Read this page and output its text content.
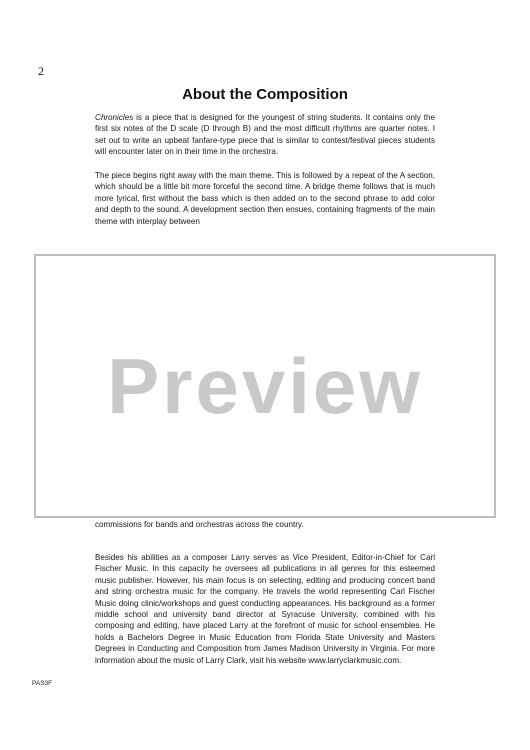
2
About the Composition

Chronicles is a piece that is designed for the youngest of string students. It contains only the first six notes of the D scale (D through B) and the most difficult rhythms are quarter notes. I set out to write an upbeat fanfare-type piece that is similar to contest/festival pieces students will encounter later on in their time in the orchestra.

The piece begins right away with the main theme. This is followed by a repeat of the A section, which should be a little bit more forceful the second time. A bridge theme follows that is much more lyrical, first without the bass which is then added on to the second phrase to add color and depth to the sound. A development section then ensues, containing fragments of the main theme with interplay between

Preview

commissions for bands and orchestras across the country.

Besides his abilities as a composer Larry serves as Vice President, Editor-in-Chief for Carl Fischer Music. In this capacity he oversees all publications in all genres for this esteemed music publisher. However, his main focus is on selecting, editing and producing concert band and string orchestra music for the company. He travels the world representing Carl Fischer Music doing clinic/workshops and guest conducting appearances. His background as a former middle school and university band director at Syracuse University, combined with his composing and editing, have placed Larry at the forefront of music for school ensembles. He holds a Bachelors Degree in Music Education from Florida State University and Masters Degrees in Conducting and Composition from James Madison University in Virginia. For more information about the music of Larry Clark, visit his website www.larryclarkmusic.com.

PAS3F
